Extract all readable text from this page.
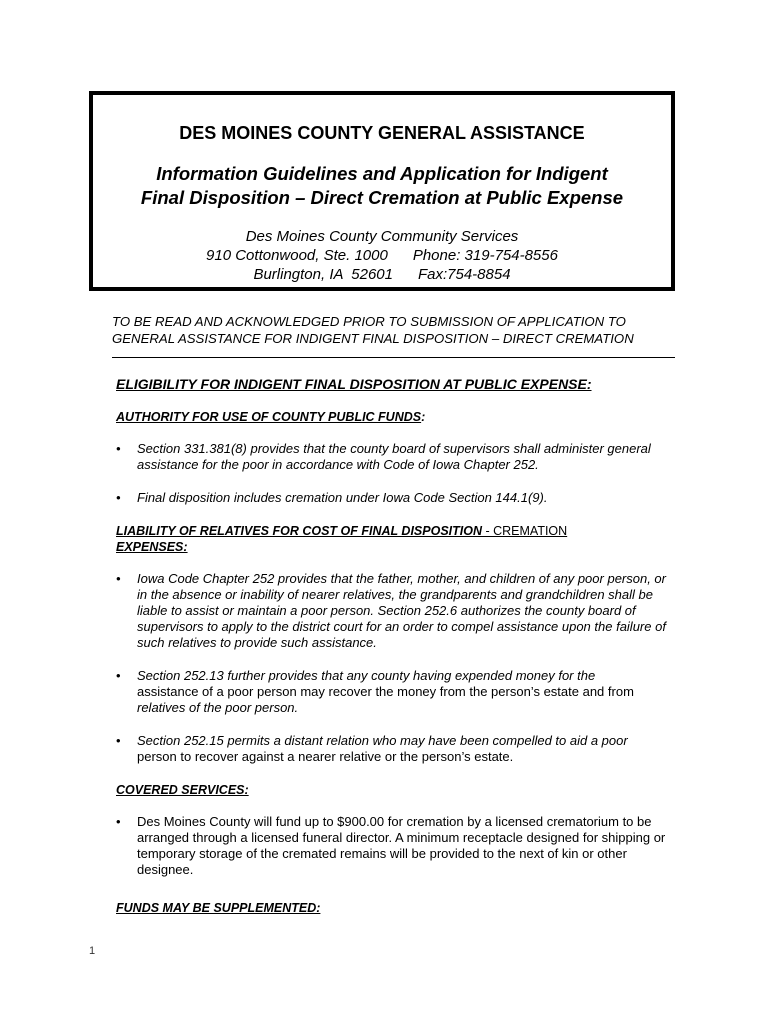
DES MOINES COUNTY GENERAL ASSISTANCE
Information Guidelines and Application for Indigent
Final Disposition – Direct Cremation at Public Expense
Des Moines County Community Services
910 Cottonwood, Ste. 1000      Phone: 319-754-8556
Burlington, IA  52601      Fax:754-8854
TO BE READ AND ACKNOWLEDGED PRIOR TO SUBMISSION OF APPLICATION TO
GENERAL ASSISTANCE FOR INDIGENT FINAL DISPOSITION – DIRECT CREMATION
ELIGIBILITY FOR INDIGENT FINAL DISPOSITION AT PUBLIC EXPENSE:
AUTHORITY FOR USE OF COUNTY PUBLIC FUNDS:
• Section 331.381(8) provides that the county board of supervisors shall administer general assistance for the poor in accordance with Code of Iowa Chapter 252.
• Final disposition includes cremation under Iowa Code Section 144.1(9).
LIABILITY OF RELATIVES FOR COST OF FINAL DISPOSITION - CREMATION
EXPENSES:
• Iowa Code Chapter 252 provides that the father, mother, and children of any poor person, or in the absence or inability of nearer relatives, the grandparents and grandchildren shall be liable to assist or maintain a poor person. Section 252.6 authorizes the county board of supervisors to apply to the district court for an order to compel assistance upon the failure of such relatives to provide such assistance.
• Section 252.13 further provides that any county having expended money for the
assistance of a poor person may recover the money from the person’s estate and from
relatives of the poor person.
• Section 252.15 permits a distant relation who may have been compelled to aid a poor
person to recover against a nearer relative or the person’s estate.
COVERED SERVICES:
• Des Moines County will fund up to $900.00 for cremation by a licensed crematorium to be arranged through a licensed funeral director. A minimum receptacle designed for shipping or temporary storage of the cremated remains will be provided to the next of kin or other designee.
FUNDS MAY BE SUPPLEMENTED:
1
